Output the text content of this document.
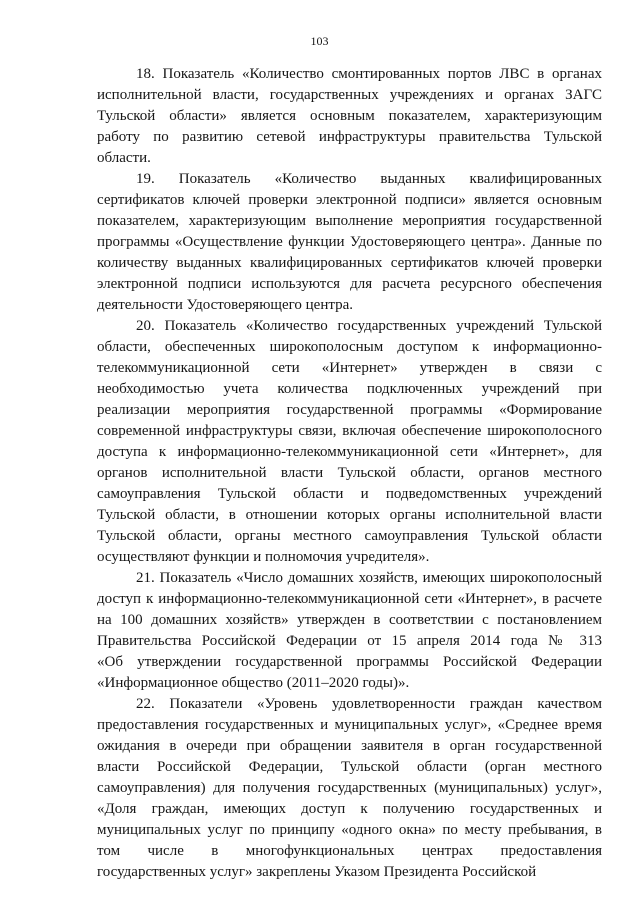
103
18. Показатель «Количество смонтированных портов ЛВС в органах
исполнительной власти, государственных учреждениях и органах ЗАГС
Тульской области» является основным показателем, характеризующим
работу по развитию сетевой инфраструктуры правительства Тульской
области.
19. Показатель «Количество выданных квалифицированных
сертификатов ключей проверки электронной подписи» является основным
показателем, характеризующим выполнение мероприятия государственной
программы «Осуществление функции Удостоверяющего центра». Данные по
количеству выданных квалифицированных сертификатов ключей проверки
электронной подписи используются для расчета ресурсного обеспечения
деятельности Удостоверяющего центра.
20. Показатель «Количество государственных учреждений Тульской
области, обеспеченных широкополосным доступом к информационно-
телекоммуникационной сети «Интернет» утвержден в связи с
необходимостью учета количества подключенных учреждений при
реализации мероприятия государственной программы «Формирование
современной инфраструктуры связи, включая обеспечение широкополосного
доступа к информационно-телекоммуникационной сети «Интернет», для
органов исполнительной власти Тульской области, органов местного
самоуправления Тульской области и подведомственных учреждений
Тульской области, в отношении которых органы исполнительной власти
Тульской области, органы местного самоуправления Тульской области
осуществляют функции и полномочия учредителя».
21. Показатель «Число домашних хозяйств, имеющих широкополосный
доступ к информационно-телекоммуникационной сети «Интернет», в расчете
на 100 домашних хозяйств» утвержден в соответствии с постановлением
Правительства Российской Федерации от 15 апреля 2014 года № 313
«Об утверждении государственной программы Российской Федерации
«Информационное общество (2011–2020 годы)».
22. Показатели «Уровень удовлетворенности граждан качеством
предоставления государственных и муниципальных услуг», «Среднее время
ожидания в очереди при обращении заявителя в орган государственной
власти Российской Федерации, Тульской области (орган местного
самоуправления) для получения государственных (муниципальных) услуг»,
«Доля граждан, имеющих доступ к получению государственных и
муниципальных услуг по принципу «одного окна» по месту пребывания, в
том числе в многофункциональных центрах предоставления
государственных услуг» закреплены Указом Президента Российской
